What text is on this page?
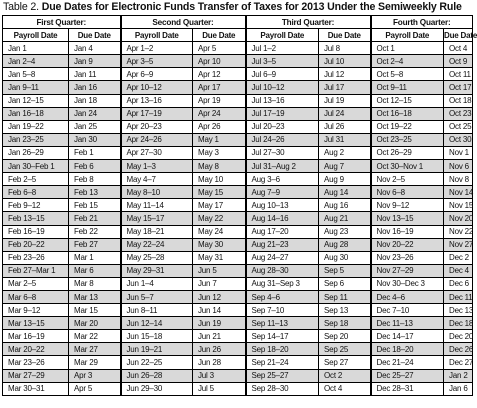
Table 2. Due Dates for Electronic Funds Transfer of Taxes for 2013 Under the Semiweekly Rule
First Quarter:		Second Quarter:		Third Quarter:		Fourth Quarter:	
Payroll Date	Due Date	Payroll Date	Due Date	Payroll Date	Due Date	Payroll Date	Due Date
Jan 1	Jan 4	Apr 1–2	Apr 5	Jul 1–2	Jul 8	Oct 1	Oct 4
Jan 2–4	Jan 9	Apr 3–5	Apr 10	Jul 3–5	Jul 10	Oct 2–4	Oct 9
Jan 5–8	Jan 11	Apr 6–9	Apr 12	Jul 6–9	Jul 12	Oct 5–8	Oct 11
Jan 9–11	Jan 16	Apr 10–12	Apr 17	Jul 10–12	Jul 17	Oct 9–11	Oct 17
Jan 12–15	Jan 18	Apr 13–16	Apr 19	Jul 13–16	Jul 19	Oct 12–15	Oct 18
Jan 16–18	Jan 24	Apr 17–19	Apr 24	Jul 17–19	Jul 24	Oct 16–18	Oct 23
Jan 19–22	Jan 25	Apr 20–23	Apr 26	Jul 20–23	Jul 26	Oct 19–22	Oct 25
Jan 23–25	Jan 30	Apr 24–26	May 1	Jul 24–26	Jul 31	Oct 23–25	Oct 30
Jan 26–29	Feb 1	Apr 27–30	May 3	Jul 27–30	Aug 2	Oct 26–29	Nov 1
Jan 30–Feb 1	Feb 6	May 1–3	May 8	Jul 31–Aug 2	Aug 7	Oct 30–Nov 1	Nov 6
Feb 2–5	Feb 8	May 4–7	May 10	Aug 3–6	Aug 9	Nov 2–5	Nov 8
Feb 6–8	Feb 13	May 8–10	May 15	Aug 7–9	Aug 14	Nov 6–8	Nov 14
Feb 9–12	Feb 15	May 11–14	May 17	Aug 10–13	Aug 16	Nov 9–12	Nov 15
Feb 13–15	Feb 21	May 15–17	May 22	Aug 14–16	Aug 21	Nov 13–15	Nov 20
Feb 16–19	Feb 22	May 18–21	May 24	Aug 17–20	Aug 23	Nov 16–19	Nov 22
Feb 20–22	Feb 27	May 22–24	May 30	Aug 21–23	Aug 28	Nov 20–22	Nov 27
Feb 23–26	Mar 1	May 25–28	May 31	Aug 24–27	Aug 30	Nov 23–26	Dec 2
Feb 27–Mar 1	Mar 6	May 29–31	Jun 5	Aug 28–30	Sep 5	Nov 27–29	Dec 4
Mar 2–5	Mar 8	Jun 1–4	Jun 7	Aug 31–Sep 3	Sep 6	Nov 30–Dec 3	Dec 6
Mar 6–8	Mar 13	Jun 5–7	Jun 12	Sep 4–6	Sep 11	Dec 4–6	Dec 11
Mar 9–12	Mar 15	Jun 8–11	Jun 14	Sep 7–10	Sep 13	Dec 7–10	Dec 13
Mar 13–15	Mar 20	Jun 12–14	Jun 19	Sep 11–13	Sep 18	Dec 11–13	Dec 18
Mar 16–19	Mar 22	Jun 15–18	Jun 21	Sep 14–17	Sep 20	Dec 14–17	Dec 20
Mar 20–22	Mar 27	Jun 19–21	Jun 26	Sep 18–20	Sep 25	Dec 18–20	Dec 26
Mar 23–26	Mar 29	Jun 22–25	Jun 28	Sep 21–24	Sep 27	Dec 21–24	Dec 27
Mar 27–29	Apr 3	Jun 26–28	Jul 3	Sep 25–27	Oct 2	Dec 25–27	Jan 2
Mar 30–31	Apr 5	Jun 29–30	Jul 5	Sep 28–30	Oct 4	Dec 28–31	Jan 6
